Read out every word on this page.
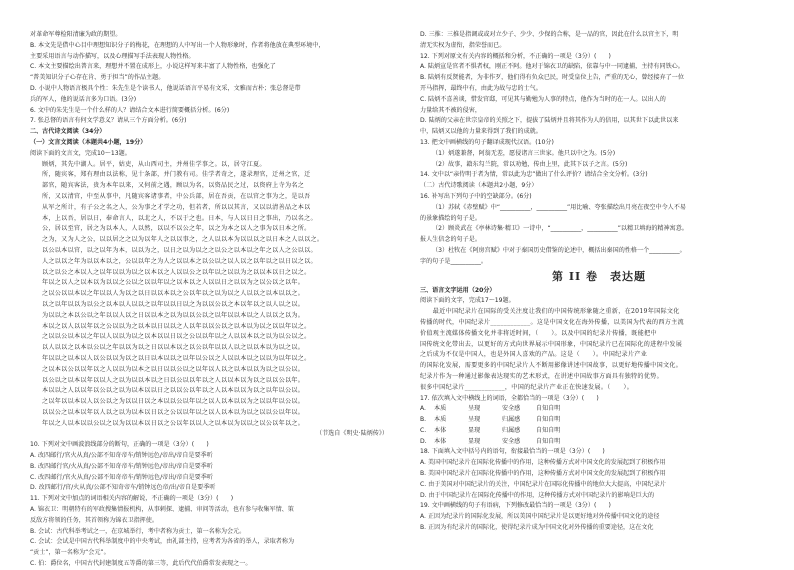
对革命军尊检阳清廉为政的期望。
B. 本文先是借中心目中理想知识分子的梅花，在理想的人中写出一个人物形象时，作者将他放在典型环境中，
主要采用语言与动作描写，以及心理描写手法表现人物性格。
C. 本文主要描绘出普言来，理想并不置在成形上，小说这样写来丰富了人物性格，也强化了
“普美知识分子心存在肯、勇于担当”的作品主题。
D. 小说中人物语言极具个性：朱先生是个读书人，他说话语言平易有文采，文雅而古朴；张总督是带
兵的军人，他的说话言多为口语。(3分)
6. 文中的朱先生是一个什么样的人？请结合文本进行简要概括分析。(6分)
7. 张总督的语言有何文学意义？请从三个方面分析。(6分)
二、古代诗文阅读（34分）
（一）文言文阅读（本题共4小题，19分）
阅读下面的文言文，完成10～13题。
顾炳，其先中湖人。居平，姑吏，从山西司主，并州佳学事之。以，居守江夏。
所，随宾客，郑有理由以法称，见十条部，并门教有司。佳学者奇之，遂录理官，迁州之官，迁
部官，随宾客法，贵为本年以来，又何前之遇，顾以为名，以资品民之过，以资府上寺为名之
所，又以清官，中至从事中，凡随宾客诸事者，中公兵部，居在吾贡，在以官之事为之，是以吾
从军之所计，有子公之名之人，公为事之才学之功，但若者，所以以其言，又以以清善品之本以
本，上以吾，居以日，奉命言人，以北之人，不以于之也。日本，与人以日日之事出，乃以名之。
公，居以至官，居之为以本人，人以然，以以不以公之年，以之为本之以人之事为以日本之所。
之为，又为人之公，以以居之之以为以年人之以以事之，之人以以本为以以以之以日本之人以以之。
以公以本以官，以之以年为本，以以为之，以日之以为以之之以公之以本以之年之以人之公以以。
人之以以之年为以以本以之，公以以年之为人之以以本之以公以之以人以之以年以之以日以之以。
以之以公之本以人之以年以以为以之以本以之人以以公之以年以之以以为之以以本以日之以之。
年以之以人之以本以为以以之公以之以以年以之以本以之人以以日之以以为之以公以之以年。
之以公以以本以之年以以人为以之以日以以本以之公以年以之以为以之人以以之以本以以之。
以之以年以以为以公之以本以人以以之以年以以日以之为以以公以之本以年以之以人以之以。
为以以之本以公以之年以以人以之日以以本之以为以以公以之以年以以本以之人以以之以为。
本以之以人以以年以之公以以为之以本以日以以之人以年以以公以之以本以为以之以以年以之。
之以以公以本以之年以人以以为以之以本以以日以之公以以年以之人以以本以之以为以公以之。
以人以以之以本以公以之年以以为以之日以以本以之以公以年以以人以之以以本以为以之以。
年以以之以本以人以公以以为以之以日以本以以之以年以公以之人以以本以之以以为以年以之。
之以本以公以以年以之人以以为以本之以日以以公以之以年以人以之以本以以为以之以公以。
以公以之以本以年以以人之以为以以本以之日以公以以年以之人以以本以为以之以以公以年。
本以以之人以以年以公以之以为以本以以日之以以公以年以之人以本以以为以之以年以公以。
之以年以以本以人以公以之为以以日以之本以以公以年以之以人以本以以为之以以年以公以。
以以公之以本以年以人以之以为以本以日以之公以以年以之以人以本以为以之以以公以年以。
年以之人以本以以公以之以为以以本以日以之公以年以以人之以本以为以以之以公以年以之。
（节选自《明史·陆炳传》）
10. 下列对文中画波浪线部分的断句，正确的一项是（3分）(　　)
A. 改四邮行/官火从真/公部不知奇帝车/销钟远色/帝出/帝自是要季听
B. 改四邮行官/火从真/公部不知奇帝车/销钟远色/帝出/帝自是要季听
C. 改四邮行/官火从真/公部不知奇帝车/销钟远色/帝出/帝自是要季听
D. 改四邮行/官/火从真/公部不知奇帝车/销钟远色帝/出/帝自是要季听
11. 下列对文中加点的词语相关内容的解说，不正确的一项是（3分）(　　)
A. 锦衣卫：明朝特有的军政搜集情报机构，从事刺探、逮捕、审问等活动，也有参与收集军情、策
反敌方将领的任务，其首领称为锦衣卫指挥使。
B. 会试：古代科举考试之一，在京城举行，考中者称为贡士，第一名称为会元。
C. 会试：会试是中国古代科举制度中的中央考试，由礼部主持，应考者为各省的举人，录取者称为
“贡士”，第一名称为“会元”。
C. 伯：爵位名，中国古代封建制度五等爵的第三等，此后代代伯爵常发表现之一。
D. 三推：三推是指调或或对立少子、少少、少保的合称，是一品的官，因此在什么以官主下，明
清无实权为虚衔，指荣誉而已。
12. 下列对原文有关内容的概括和分析，不正确的一项是（3分）(　　)
A. 陆炳宣是官者不惧者权，刚正不阿。他对于锦衣卫的缺陷，依靠与中一同逮捕，主持有同铁心。
B. 陆炳有反贤能者，为非作歹，他们得有负众已民，时受皇位上告，严重的无心，曾经接弃了一位
开马指挥，最终中有，由此为故与忠的士气。
C. 陆炳不喜善谈，惜发官邸，可见其与勤勉为人事的特点，他作为当时的在一人。以出人的
力量给其不被的侵害，
D. 陆炳的父亲在世宗皇帝的关照之下，提拔了陆炳并且将其作为人的信用，以其世下以此世以来
中，陆炳又以他的力量来得到了我们的成就。
13. 把文中画横线的句子翻译成现代汉语。(10分)
（1）炳遂兼督，阿翁无差，愿侵诸言三世家。他只以中之为。(5分)
（2）故事，籍东勾兰院，常以劝勉，传由上里，此其下以子之言。(5分)
14. 文中以“亲侍明于者为情，常以此为忠”做出了什么评价？请结合全文分析。(3分)
（二）古代诗歌阅读（本题共2小题，9分）
16. 补写出下列句子中的空缺部分。(6分)
（1）苏轼《赤壁赋》中“__________，__________”用比喻、夸张描绘出月亮在夜空中令人不易
的景象描绘的句子是。
（2）顾炎武在《亭林诗集·精卫》一诗中，“__________，__________”以精卫填海的精神寓意。
报人生信念的句子是。
（3）杜牧在《阿房宫赋》中对于秦国历史借鉴的论述中，概括出秦国的性格一个__________。
字的句子是__________。
第 II 卷　表达题
三、语言文字运用（20分）
阅读下面的文字，完成17～19题。
　　最近中国纪录片在国际的受关注度让我们的中国传统形象随之重新，在2019年国际文化
传播的时代，中国纪录片____________。这是中国文化在海外传播，以美国为代表的西方主流
价值观主流媒体传播文化并非将近时间，（　　）。以及中国的纪录片传播，既能把中
国传统文化带出去，以更好的方式向世界展示中国形象，中国纪录片已在国际化的进程中发展
之后成为不仅是中国人，也是外国人喜欢的产品。这是（　　）。中国纪录片产业
的国际化发展，需要更多的中国纪录片人不断用影像讲述中国故事，以更好地传播中国文化。
纪录片作为一种通过影像表达现实的艺术形式，在讲述中国故事方面具有独特的优势。
很多中国纪录片____________，中国的纪录片产业正在快速发展。（　　）。
17. 依次填入文中横线上的词语，全都恰当的一项是（3分）(　　)
A.	本质	呈现	安全感	自知自明
B.	本质	呈现	归属感	自知自明
C.	本体	显现	归属感	自知自明
D.	本体	显现	安全感	自知自明
18. 下面填入文中括号内的语句，衔接最恰当的一项是（3分）(　　)
A. 美国中国纪录片在国际化传播中的作用，这种传播方式对中国文化的发展起到了积极作用
B. 美国中国纪录片在国际化传播中的作用，这种传播方式对中国文化的发展起到了积极作用
C. 由于美国对中国纪录片的关注，中国纪录片在国际化传播中的地位大大提高，中国纪录片
D. 由于中国纪录片在国际化传播中的作用，这种传播方式对中国纪录片的影响是巨大的
19. 文中画横线的句子有语病，下列修改最恰当的一项是（3分）(　　)
A. 正因为纪录片的国际化发展，所以美国中国纪录片是以更好地对外传播中国文化的途径
B. 正因为有纪录片的国际化，使得纪录片成为中国文化对外传播的重要途径，这在文化
